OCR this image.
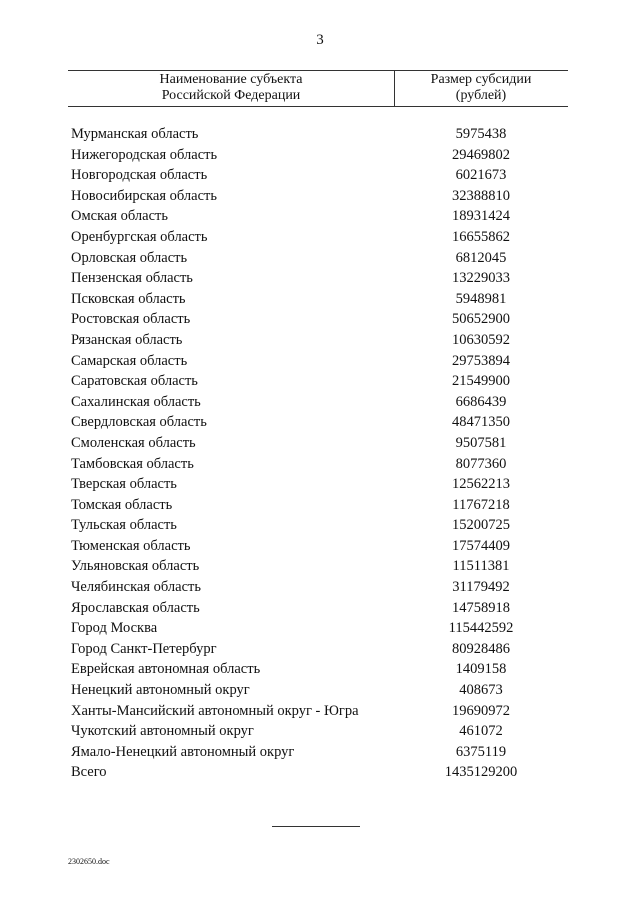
3
Наименование субъекта
Российской Федерации
Размер субсидии
(рублей)
Мурманская область	5975438
Нижегородская область	29469802
Новгородская область	6021673
Новосибирская область	32388810
Омская область	18931424
Оренбургская область	16655862
Орловская область	6812045
Пензенская область	13229033
Псковская область	5948981
Ростовская область	50652900
Рязанская область	10630592
Самарская область	29753894
Саратовская область	21549900
Сахалинская область	6686439
Свердловская область	48471350
Смоленская область	9507581
Тамбовская область	8077360
Тверская область	12562213
Томская область	11767218
Тульская область	15200725
Тюменская область	17574409
Ульяновская область	11511381
Челябинская область	31179492
Ярославская область	14758918
Город Москва	115442592
Город Санкт-Петербург	80928486
Еврейская автономная область	1409158
Ненецкий автономный округ	408673
Ханты-Мансийский автономный округ - Югра	19690972
Чукотский автономный округ	461072
Ямало-Ненецкий автономный округ	6375119
Всего	1435129200
2302650.doc
